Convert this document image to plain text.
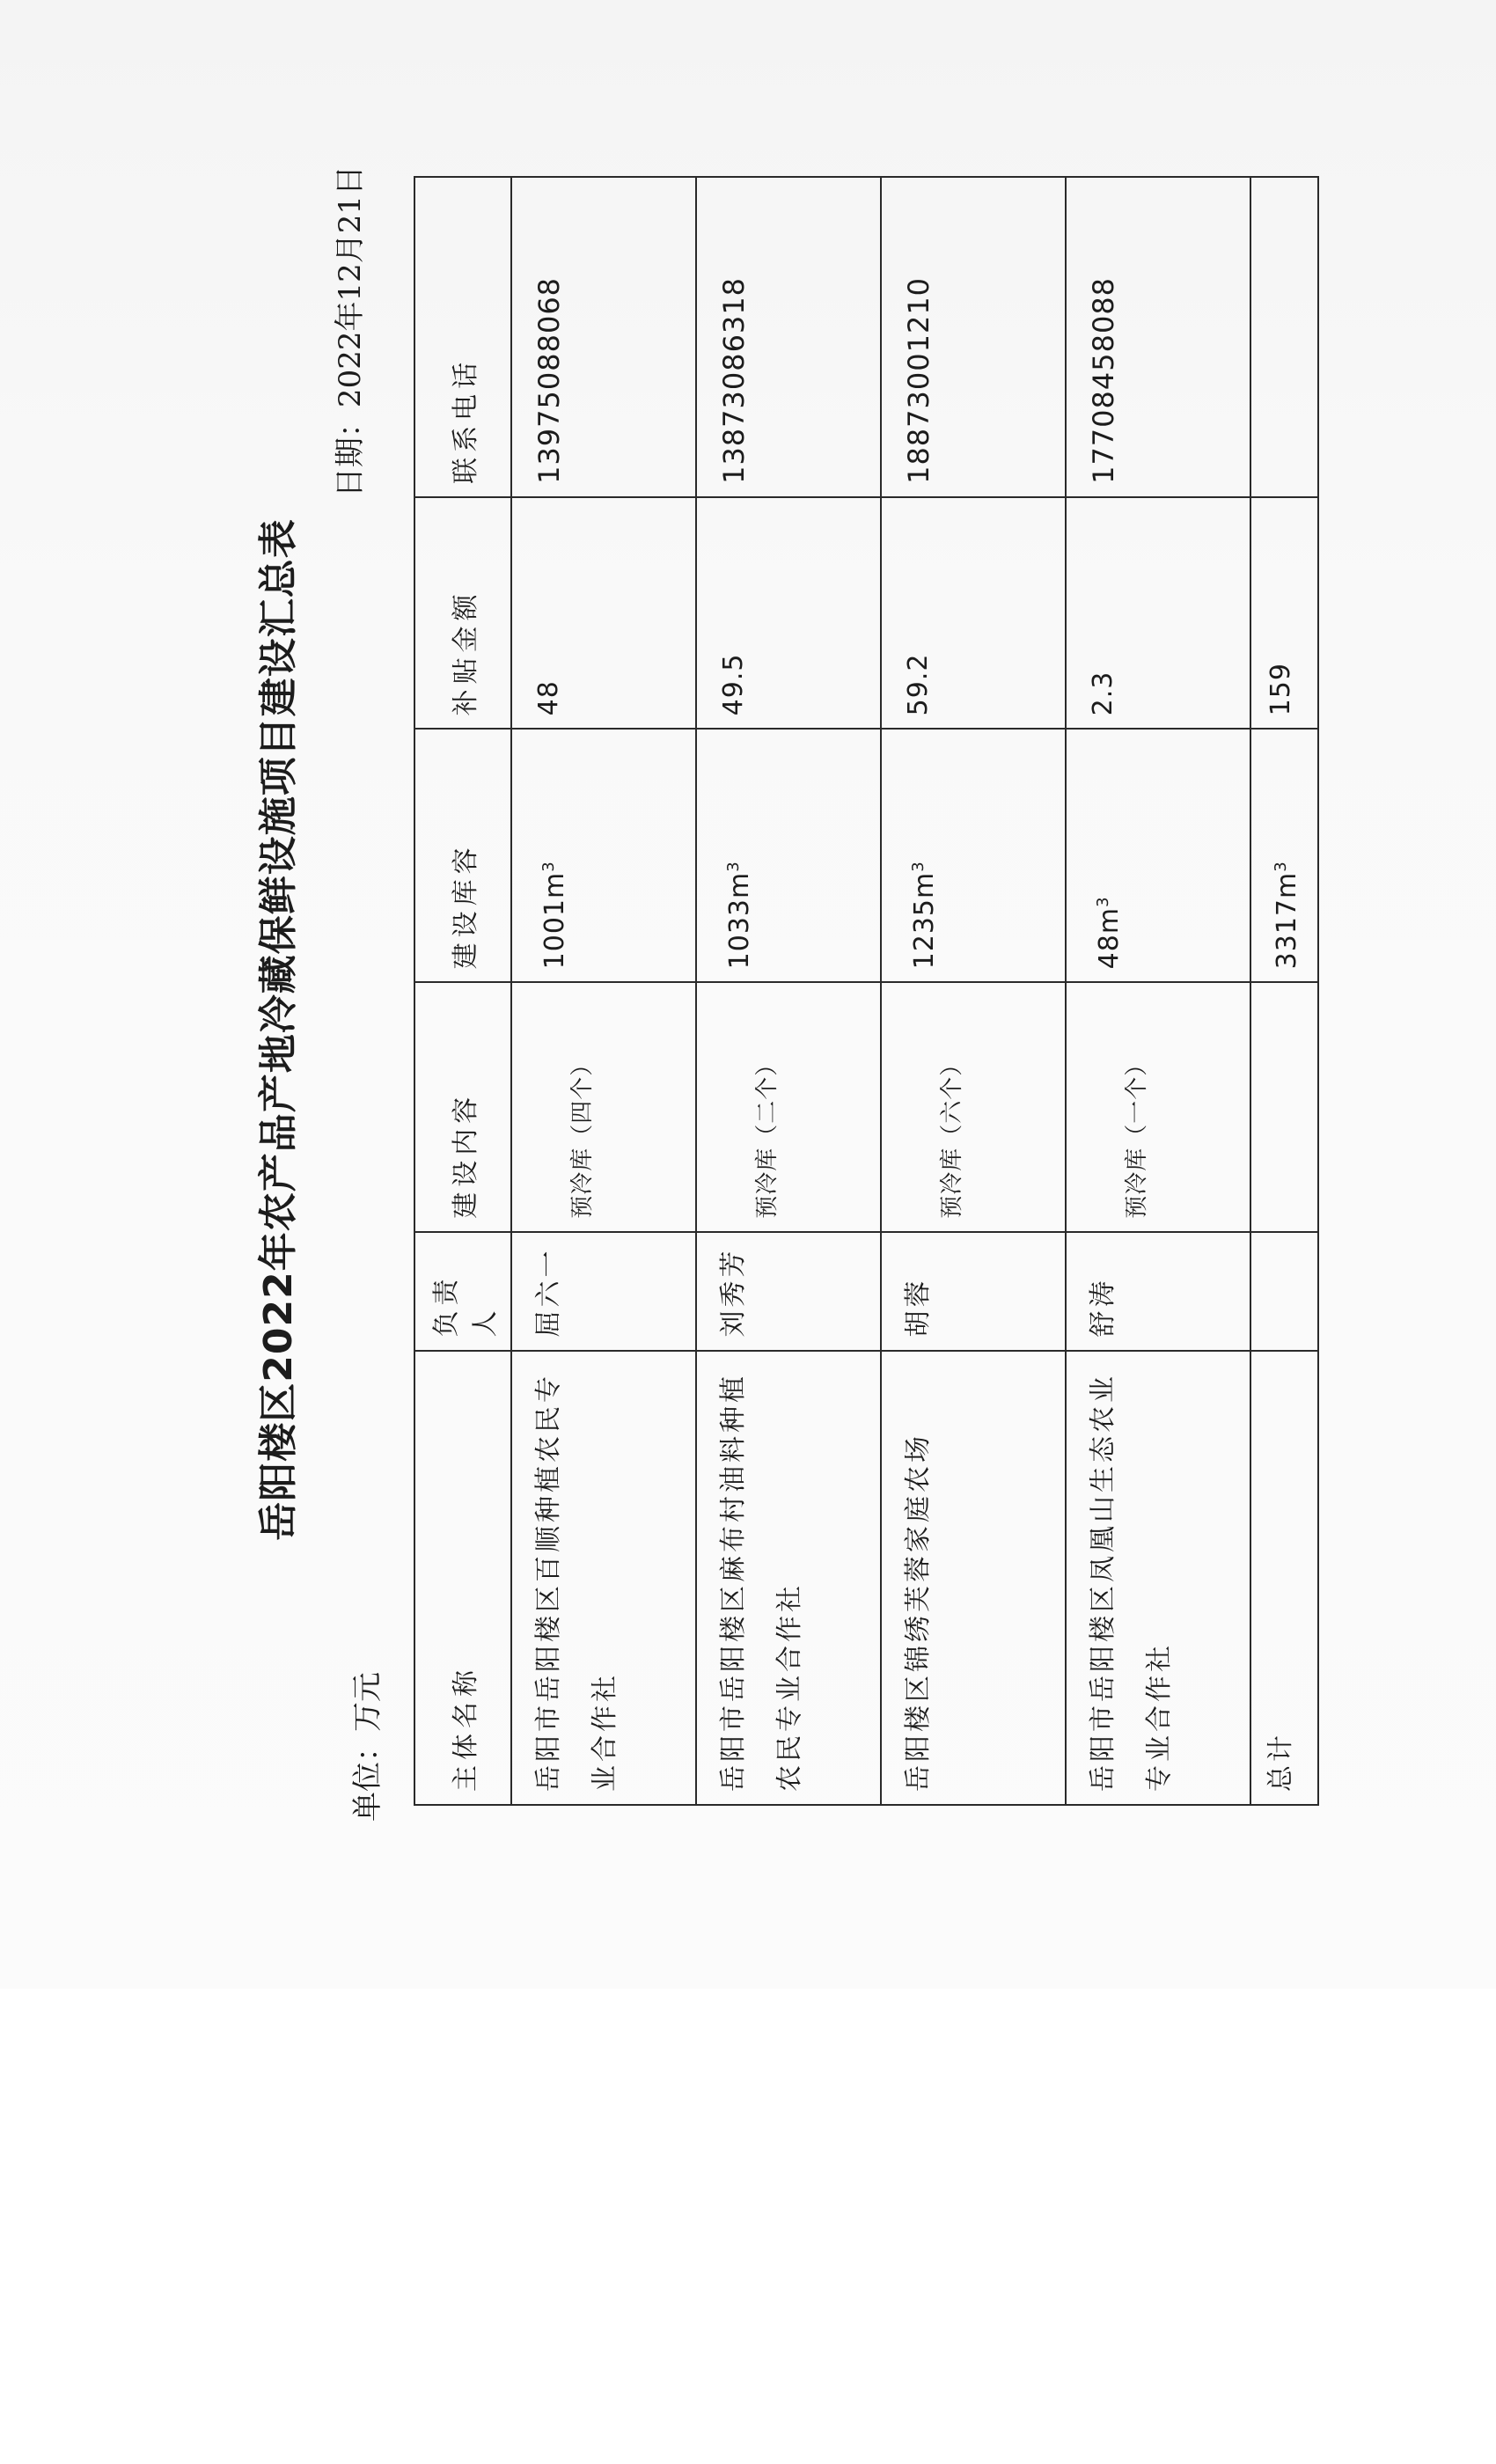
岳阳楼区2022年农产品产地冷藏保鲜设施项目建设汇总表
单位：万元
日期：2022年12月21日
主体名称	负责人	建设内容	建设库容	补贴金额	联系电话
岳阳市岳阳楼区百顺种植农民专业合作社	屈六一	预冷库（四个）	$1001m^3$	48	13975088068
岳阳市岳阳楼区麻布村油料种植农民专业合作社	刘秀芳	预冷库（二个）	$1033m^3$	49.5	13873086318
岳阳楼区锦绣芙蓉家庭农场	胡蓉	预冷库（六个）	$1235m^3$	59.2	18873001210
岳阳市岳阳楼区凤凰山生态农业专业合作社	舒涛	预冷库（一个）	$48m^3$	2.3	17708458088
总计			$3317m^3$	159	
